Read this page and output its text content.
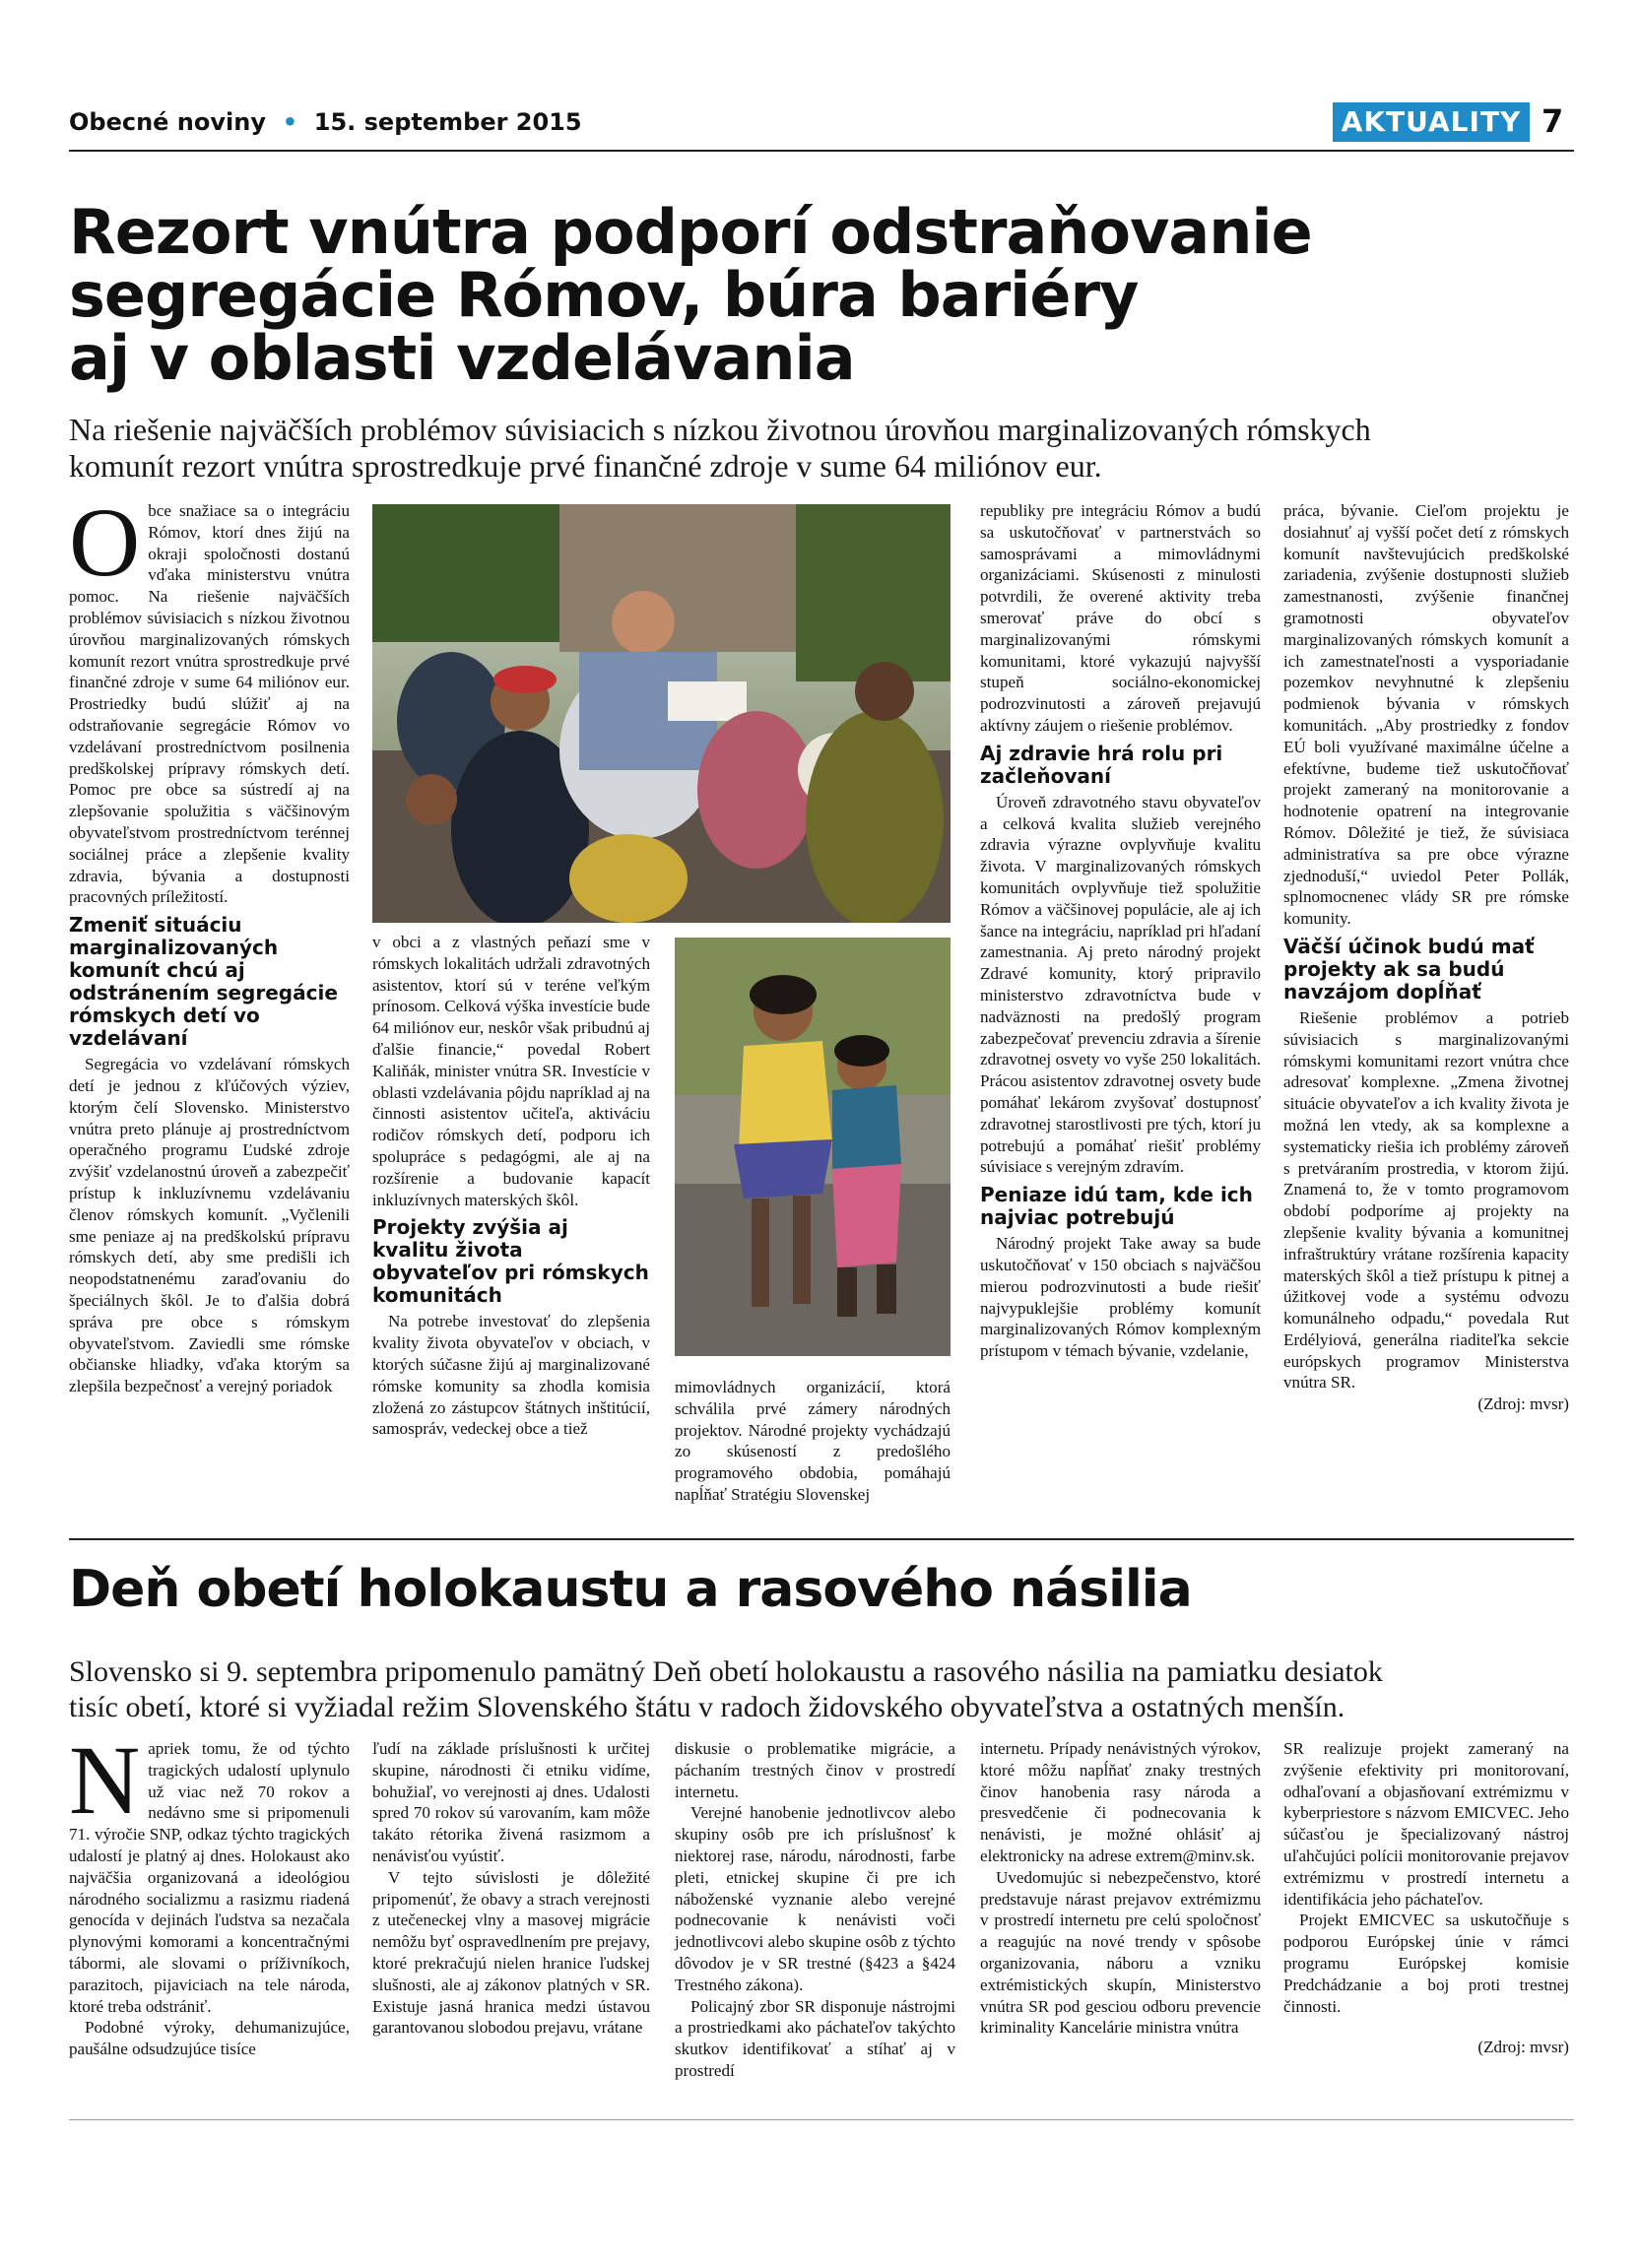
Obecné noviny  •  15. september 2015	AKTUALITY 7
Rezort vnútra podporí odstraňovanie
segregácie Rómov, búra bariéry
aj v oblasti vzdelávania
Na riešenie najväčších problémov súvisiacich s nízkou životnou úrovňou marginalizovaných rómskych
komunít rezort vnútra sprostredkuje prvé finančné zdroje v sume 64 miliónov eur.

Obce snažiace sa o integráciu Rómov, ktorí dnes žijú na okraji spoločnosti dostanú vďaka ministerstvu vnútra pomoc. Na riešenie najväčších problémov súvisiacich s nízkou životnou úrovňou marginalizovaných rómskych komunít rezort vnútra sprostredkuje prvé finančné zdroje v sume 64 miliónov eur. Prostriedky budú slúžiť aj na odstraňovanie segregácie Rómov vo vzdelávaní prostredníctvom posilnenia predškolskej prípravy rómskych detí. Pomoc pre obce sa sústredí aj na zlepšovanie spolužitia s väčšinovým obyvateľstvom prostredníctvom terénnej sociálnej práce a zlepšenie kvality zdravia, bývania a dostupnosti pracovných príležitostí.

Zmeniť situáciu marginalizovaných komunít chcú aj odstránením segregácie rómskych detí vo vzdelávaní

Segregácia vo vzdelávaní rómskych detí je jednou z kľúčových výziev, ktorým čelí Slovensko. Ministerstvo vnútra preto plánuje aj prostredníctvom operačného programu Ľudské zdroje zvýšiť vzdelanostnú úroveň a zabezpečiť prístup k inkluzívnemu vzdelávaniu členov rómskych komunít. „Vyčlenili sme peniaze aj na predškolskú prípravu rómskych detí, aby sme predišli ich neopodstatnenému zaraďovaniu do špeciálnych škôl. Je to ďalšia dobrá správa pre obce s rómskym obyvateľstvom. Zaviedli sme rómske občianske hliadky, vďaka ktorým sa zlepšila bezpečnosť a verejný poriadok

v obci a z vlastných peňazí sme v rómskych lokalitách udržali zdravotných asistentov, ktorí sú v teréne veľkým prínosom. Celková výška investície bude 64 miliónov eur, neskôr však pribudnú aj ďalšie financie,“ povedal Robert Kaliňák, minister vnútra SR. Investície v oblasti vzdelávania pôjdu napríklad aj na činnosti asistentov učiteľa, aktiváciu rodičov rómskych detí, podporu ich spolupráce s pedagógmi, ale aj na rozšírenie a budovanie kapacít inkluzívnych materských škôl.

Projekty zvýšia aj kvalitu života obyvateľov pri rómskych komunitách

Na potrebe investovať do zlepšenia kvality života obyvateľov v obciach, v ktorých súčasne žijú aj marginalizované rómske komunity sa zhodla komisia zložená zo zástupcov štátnych inštitúcií, samospráv, vedeckej obce a tiež

mimovládnych organizácií, ktorá schválila prvé zámery národných projektov. Národné projekty vychádzajú zo skúseností z predošlého programového obdobia, pomáhajú napĺňať Stratégiu Slovenskej

republiky pre integráciu Rómov a budú sa uskutočňovať v partnerstvách so samosprávami a mimovládnymi organizáciami. Skúsenosti z minulosti potvrdili, že overené aktivity treba smerovať práve do obcí s marginalizovanými rómskymi komunitami, ktoré vykazujú najvyšší stupeň sociálno-ekonomickej podrozvinutosti a zároveň prejavujú aktívny záujem o riešenie problémov.

Aj zdravie hrá rolu pri začleňovaní

Úroveň zdravotného stavu obyvateľov a celková kvalita služieb verejného zdravia výrazne ovplyvňuje kvalitu života. V marginalizovaných rómskych komunitách ovplyvňuje tiež spolužitie Rómov a väčšinovej populácie, ale aj ich šance na integráciu, napríklad pri hľadaní zamestnania. Aj preto národný projekt Zdravé komunity, ktorý pripravilo ministerstvo zdravotníctva bude v nadväznosti na predošlý program zabezpečovať prevenciu zdravia a šírenie zdravotnej osvety vo vyše 250 lokalitách. Prácou asistentov zdravotnej osvety bude pomáhať lekárom zvyšovať dostupnosť zdravotnej starostlivosti pre tých, ktorí ju potrebujú a pomáhať riešiť problémy súvisiace s verejným zdravím.

Peniaze idú tam, kde ich najviac potrebujú

Národný projekt Take away sa bude uskutočňovať v 150 obciach s najväčšou mierou podrozvinutosti a bude riešiť najvypuklejšie problémy komunít marginalizovaných Rómov komplexným prístupom v témach bývanie, vzdelanie,

práca, bývanie. Cieľom projektu je dosiahnuť aj vyšší počet detí z rómskych komunít navštevujúcich predškolské zariadenia, zvýšenie dostupnosti služieb zamestnanosti, zvýšenie finančnej gramotnosti obyvateľov marginalizovaných rómskych komunít a ich zamestnateľnosti a vysporiadanie pozemkov nevyhnutné k zlepšeniu podmienok bývania v rómskych komunitách. „Aby prostriedky z fondov EÚ boli využívané maximálne účelne a efektívne, budeme tiež uskutočňovať projekt zameraný na monitorovanie a hodnotenie opatrení na integrovanie Rómov. Dôležité je tiež, že súvisiaca administratíva sa pre obce výrazne zjednoduší,“ uviedol Peter Pollák, splnomocnenec vlády SR pre rómske komunity.

Väčší účinok budú mať projekty ak sa budú navzájom dopĺňať

Riešenie problémov a potrieb súvisiacich s marginalizovanými rómskymi komunitami rezort vnútra chce adresovať komplexne. „Zmena životnej situácie obyvateľov a ich kvality života je možná len vtedy, ak sa komplexne a systematicky riešia ich problémy zároveň s pretváraním prostredia, v ktorom žijú. Znamená to, že v tomto programovom období podporíme aj projekty na zlepšenie kvality bývania a komunitnej infraštruktúry vrátane rozšírenia kapacity materských škôl a tiež prístupu k pitnej a úžitkovej vode a systému odvozu komunálneho odpadu,“ povedala Rut Erdélyiová, generálna riaditeľka sekcie európskych programov Ministerstva vnútra SR.

(Zdroj: mvsr)
Deň obetí holokaustu a rasového násilia
Slovensko si 9. septembra pripomenulo pamätný Deň obetí holokaustu a rasového násilia na pamiatku desiatok
tisíc obetí, ktoré si vyžiadal režim Slovenského štátu v radoch židovského obyvateľstva a ostatných menšín.

Napriek tomu, že od týchto tragických udalostí uplynulo už viac než 70 rokov a nedávno sme si pripomenuli 71. výročie SNP, odkaz týchto tragických udalostí je platný aj dnes. Holokaust ako najväčšia organizovaná a ideológiou národného socializmu a rasizmu riadená genocída v dejinách ľudstva sa nezačala plynovými komorami a koncentračnými tábormi, ale slovami o príživníkoch, parazitoch, pijaviciach na tele národa, ktoré treba odstrániť.

Podobné výroky, dehumanizujúce, paušálne odsudzujúce tisíce

ľudí na základe príslušnosti k určitej skupine, národnosti či etniku vidíme, bohužiaľ, vo verejnosti aj dnes. Udalosti spred 70 rokov sú varovaním, kam môže takáto rétorika živená rasizmom a nenávisťou vyústiť.

V tejto súvislosti je dôležité pripomenúť, že obavy a strach verejnosti z utečeneckej vlny a masovej migrácie nemôžu byť ospravedlnením pre prejavy, ktoré prekračujú nielen hranice ľudskej slušnosti, ale aj zákonov platných v SR. Existuje jasná hranica medzi ústavou garantovanou slobodou prejavu, vrátane

diskusie o problematike migrácie, a páchaním trestných činov v prostredí internetu.

Verejné hanobenie jednotlivcov alebo skupiny osôb pre ich príslušnosť k niektorej rase, národu, národnosti, farbe pleti, etnickej skupine či pre ich náboženské vyznanie alebo verejné podnecovanie k nenávisti voči jednotlivcovi alebo skupine osôb z týchto dôvodov je v SR trestné (§423 a §424 Trestného zákona).

Policajný zbor SR disponuje nástrojmi a prostriedkami ako páchateľov takýchto skutkov identifikovať a stíhať aj v prostredí

internetu. Prípady nenávistných výrokov, ktoré môžu napĺňať znaky trestných činov hanobenia rasy národa a presvedčenie či podnecovania k nenávisti, je možné ohlásiť aj elektronicky na adrese extrem@minv.sk.

Uvedomujúc si nebezpečenstvo, ktoré predstavuje nárast prejavov extrémizmu v prostredí internetu pre celú spoločnosť a reagujúc na nové trendy v spôsobe organizovania, náboru a vzniku extrémistických skupín, Ministerstvo vnútra SR pod gesciou odboru prevencie kriminality Kancelárie ministra vnútra

SR realizuje projekt zameraný na zvýšenie efektivity pri monitorovaní, odhaľovaní a objasňovaní extrémizmu v kyberpriestore s názvom EMICVEC. Jeho súčasťou je špecializovaný nástroj uľahčujúci polícii monitorovanie prejavov extrémizmu v prostredí internetu a identifikácia jeho páchateľov.

Projekt EMICVEC sa uskutočňuje s podporou Európskej únie v rámci programu Európskej komisie Predchádzanie a boj proti trestnej činnosti.

(Zdroj: mvsr)
